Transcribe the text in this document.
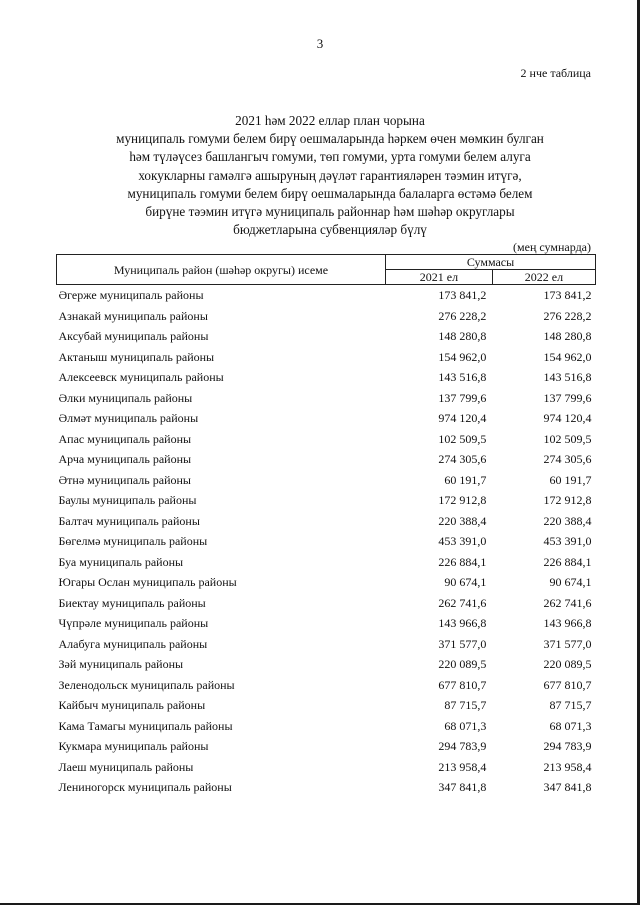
3
2 нче таблица
2021 һәм 2022 еллар план чорына
муниципаль гомуми белем бирү оешмаларында һәркем өчен мөмкин булган
һәм түләүсез башлангыч гомуми, төп гомуми, урта гомуми белем алуга
хокукларны гамәлгә ашыруның дәүләт гарантияләрен тәэмин итүгә,
муниципаль гомуми белем бирү оешмаларында балаларга өстәмә белем
бирүне тәэмин итүгә муниципаль районнар һәм шәһәр округлары
бюджетларына субвенцияләр бүлү
(мең сумнарда)
Муниципаль район (шәһәр округы) исеме	Суммасы	
	2021 ел	2022 ел
Әгерже муниципаль районы	173 841,2	173 841,2
Азнакай муниципаль районы	276 228,2	276 228,2
Аксубай муниципаль районы	148 280,8	148 280,8
Актаныш муниципаль районы	154 962,0	154 962,0
Алексеевск муниципаль районы	143 516,8	143 516,8
Әлки муниципаль районы	137 799,6	137 799,6
Әлмәт муниципаль районы	974 120,4	974 120,4
Апас муниципаль районы	102 509,5	102 509,5
Арча муниципаль районы	274 305,6	274 305,6
Әтнә муниципаль районы	60 191,7	60 191,7
Баулы муниципаль районы	172 912,8	172 912,8
Балтач муниципаль районы	220 388,4	220 388,4
Бөгелмә муниципаль районы	453 391,0	453 391,0
Буа муниципаль районы	226 884,1	226 884,1
Югары Ослан муниципаль районы	90 674,1	90 674,1
Биектау муниципаль районы	262 741,6	262 741,6
Чүпрәле муниципаль районы	143 966,8	143 966,8
Алабуга муниципаль районы	371 577,0	371 577,0
Зәй муниципаль районы	220 089,5	220 089,5
Зеленодольск муниципаль районы	677 810,7	677 810,7
Кайбыч муниципаль районы	87 715,7	87 715,7
Кама Тамагы муниципаль районы	68 071,3	68 071,3
Кукмара муниципаль районы	294 783,9	294 783,9
Лаеш муниципаль районы	213 958,4	213 958,4
Лениногорск муниципаль районы	347 841,8	347 841,8
